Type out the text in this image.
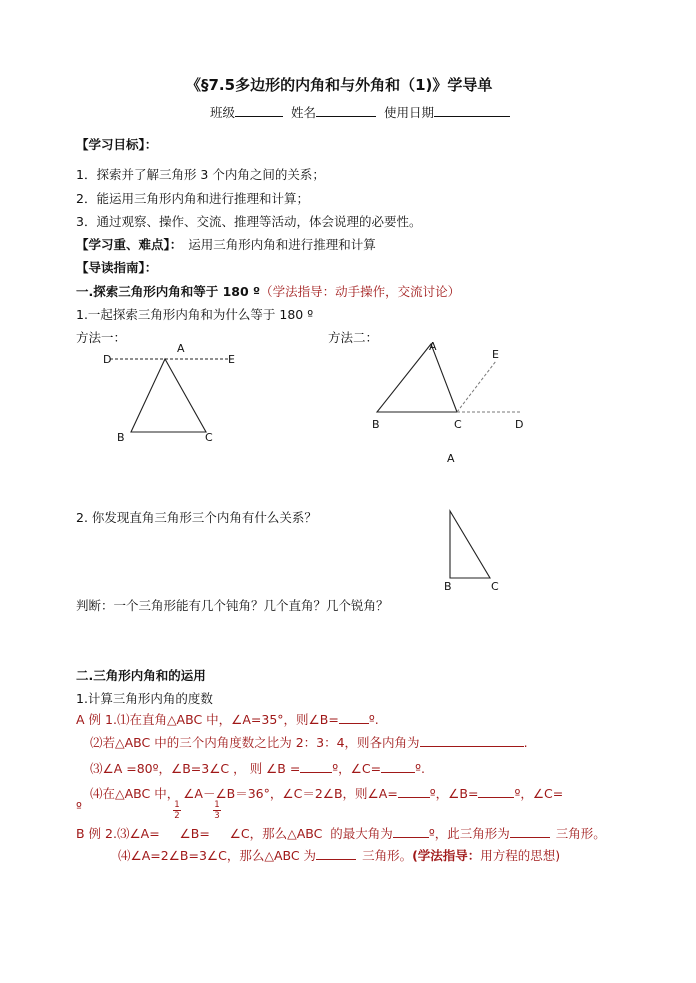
《§7.5多边形的内角和与外角和（1)》学导单
班级	姓名	使用日期
【学习目标】：
1．探索并了解三角形 3 个内角之间的关系；
2．能运用三角形内角和进行推理和计算；
3．通过观察、操作、交流、推理等活动，体会说理的必要性。
【学习重、难点】： 运用三角形内角和进行推理和计算
【导读指南】：
一.探索三角形内角和等于 180 º（学法指导：动手操作，交流讨论）
1.一起探索三角形内角和为什么等于 180 º
方法一：	方法二：
A
D	E
B	C
A
E
B	C	D
A
2. 你发现直角三角形三个内角有什么关系？
B	C
判断：一个三角形能有几个钝角？几个直角？几个锐角？
二.三角形内角和的运用
1.计算三角形内角的度数
A 例 1.⑴在直角△ABC 中，∠A=35°，则∠B= º.
⑵若△ABC 中的三个内角度数之比为 2：3：4，则各内角为	.
⑶∠A =80º，∠B=3∠C ， 则 ∠B =	º，∠C=	º.
⑷在△ABC 中， ∠A－∠B＝36°，∠C＝2∠B，则∠A=	º，∠B=	º，∠C=
º	$\frac{1}{2}$	$\frac{1}{3}$
B 例 2.⑶∠A=     ∠B=     ∠C，那么△ABC  的最大角为	º，此三角形为	三角形。
⑷∠A=2∠B=3∠C，那么△ABC 为	三角形。(学法指导：用方程的思想)
